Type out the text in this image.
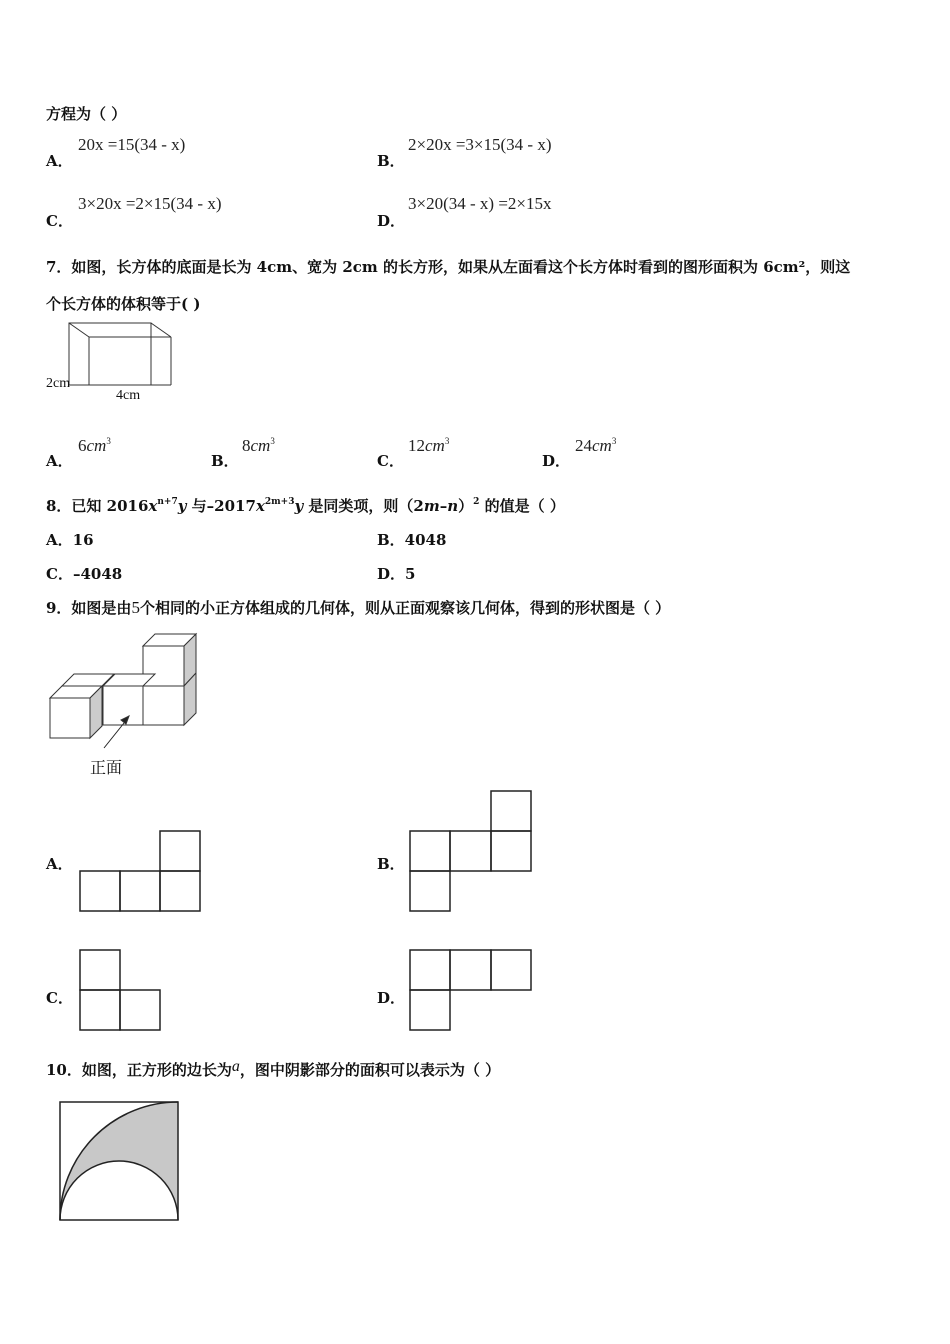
方程为（ ）
A．
20x =15(34 - x)
B．
2×20x =3×15(34 - x)
C．
3×20x =2×15(34 - x)
D．
3×20(34 - x) =2×15x
7．如图，长方体的底面是长为 4cm、宽为 2cm 的长方形，如果从左面看这个长方体时看到的图形面积为 6cm²，则这
个长方体的体积等于( )
2cm
4cm
A．
$6cm^3$
B．
$8cm^3$
C．
$12cm^3$
D．
$24cm^3$
8．已知 $2016x^{n+7}y$ 与$-2017x^{2m+3}y$ 是同类项，则$(2m-n)^2$ 的值是（ ）
A．16	B．4048
C．–4048	D．5
9．如图是由5个相同的小正方体组成的几何体，则从正面观察该几何体，得到的形状图是（ ）
正面
A．	B．
C．	D．
10．如图，正方形的边长为a，图中阴影部分的面积可以表示为（ ）
